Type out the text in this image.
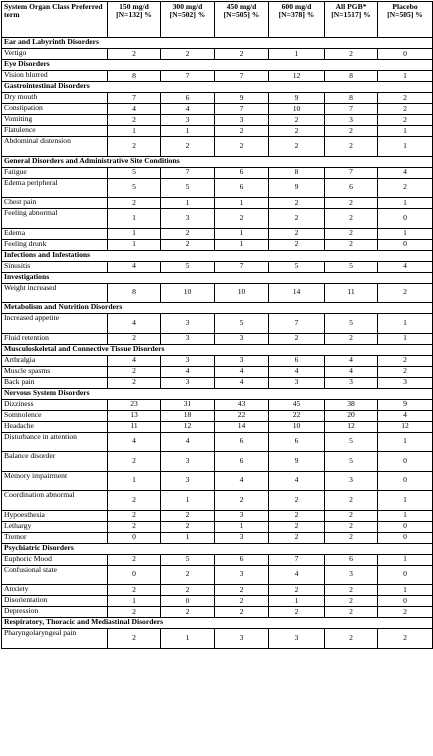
System Organ Class Preferred term	150 mg/d [N=132] %	300 mg/d [N=502] %	450 mg/d [N=505] %	600 mg/d [N=378] %	All PGB* [N=1517] %	Placebo [N=505] %
Ear and Labyrinth Disorders						
Vertigo	2	2	2	1	2	0
Eye Disorders						
Vision blurred	8	7	7	12	8	1
Gastrointestinal Disorders						
Dry mouth	7	6	9	9	8	2
Constipation	4	4	7	10	7	2
Vomiting	2	3	3	2	3	2
Flatulence	1	1	2	2	2	1
Abdominal distension	2	2	2	2	2	1
General Disorders and Administrative Site Conditions						
Fatigue	5	7	6	8	7	4
Edema peripheral	5	5	6	9	6	2
Chest pain	2	1	1	2	2	1
Feeling abnormal	1	3	2	2	2	0
Edema	1	2	1	2	2	1
Feeling drunk	1	2	1	2	2	0
Infections and Infestations						
Sinusitis	4	5	7	5	5	4
Investigations						
Weight increased	8	10	10	14	11	2
Metabolism and Nutrition Disorders						
Increased appetite	4	3	5	7	5	1
Fluid retention	2	3	3	2	2	1
Musculoskeletal and Connective Tissue Disorders						
Arthralgia	4	3	3	6	4	2
Muscle spasms	2	4	4	4	4	2
Back pain	2	3	4	3	3	3
Nervous System Disorders						
Dizziness	23	31	43	45	38	9
Somnolence	13	18	22	22	20	4
Headache	11	12	14	10	12	12
Disturbance in attention	4	4	6	6	5	1
Balance disorder	2	3	6	9	5	0
Memory impairment	1	3	4	4	3	0
Coordination abnormal	2	1	2	2	2	1
Hypoesthesia	2	2	3	2	2	1
Lethargy	2	2	1	2	2	0
Tremor	0	1	3	2	2	0
Psychiatric Disorders						
Euphoric Mood	2	5	6	7	6	1
Confusional state	0	2	3	4	3	0
Anxiety	2	2	2	2	2	1
Disorientation	1	0	2	1	2	0
Depression	2	2	2	2	2	2
Respiratory, Thoracic and Mediastinal Disorders						
Pharyngolaryngeal pain	2	1	3	3	2	2
